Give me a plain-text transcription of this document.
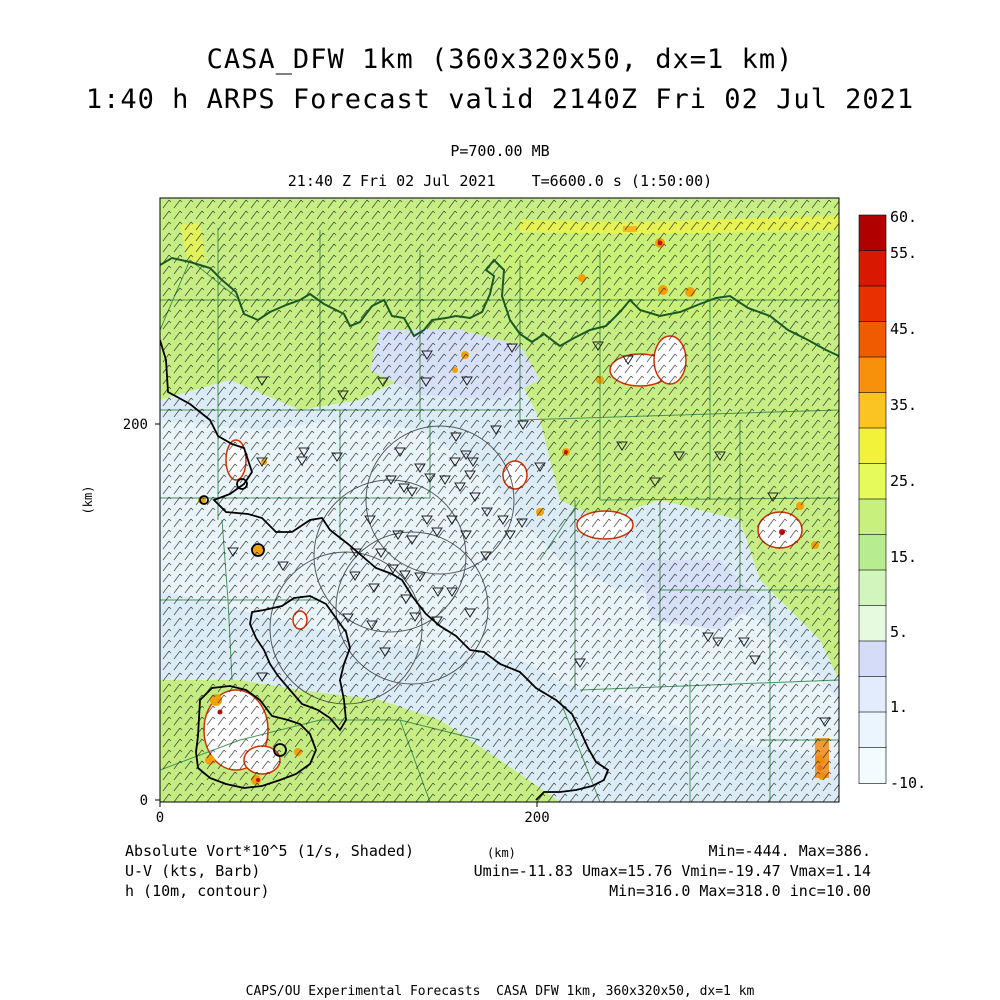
CASA_DFW 1km (360x320x50, dx=1 km)
1:40 h ARPS Forecast valid 2140Z Fri 02 Jul 2021
P=700.00 MB
21:40 Z Fri 02 Jul 2021    T=6600.0 s (1:50:00)
0
200
0	200
(km)
60.
55.
45.
35.
25.
15.
5.
1.
-10.
Absolute Vort*10^5 (1/s, Shaded)
U-V (kts, Barb)
h (10m, contour)
(km)	Min=-444. Max=386.
Umin=-11.83 Umax=15.76 Vmin=-19.47 Vmax=1.14
Min=316.0 Max=318.0 inc=10.00
CAPS/OU Experimental Forecasts  CASA DFW 1km, 360x320x50, dx=1 km
